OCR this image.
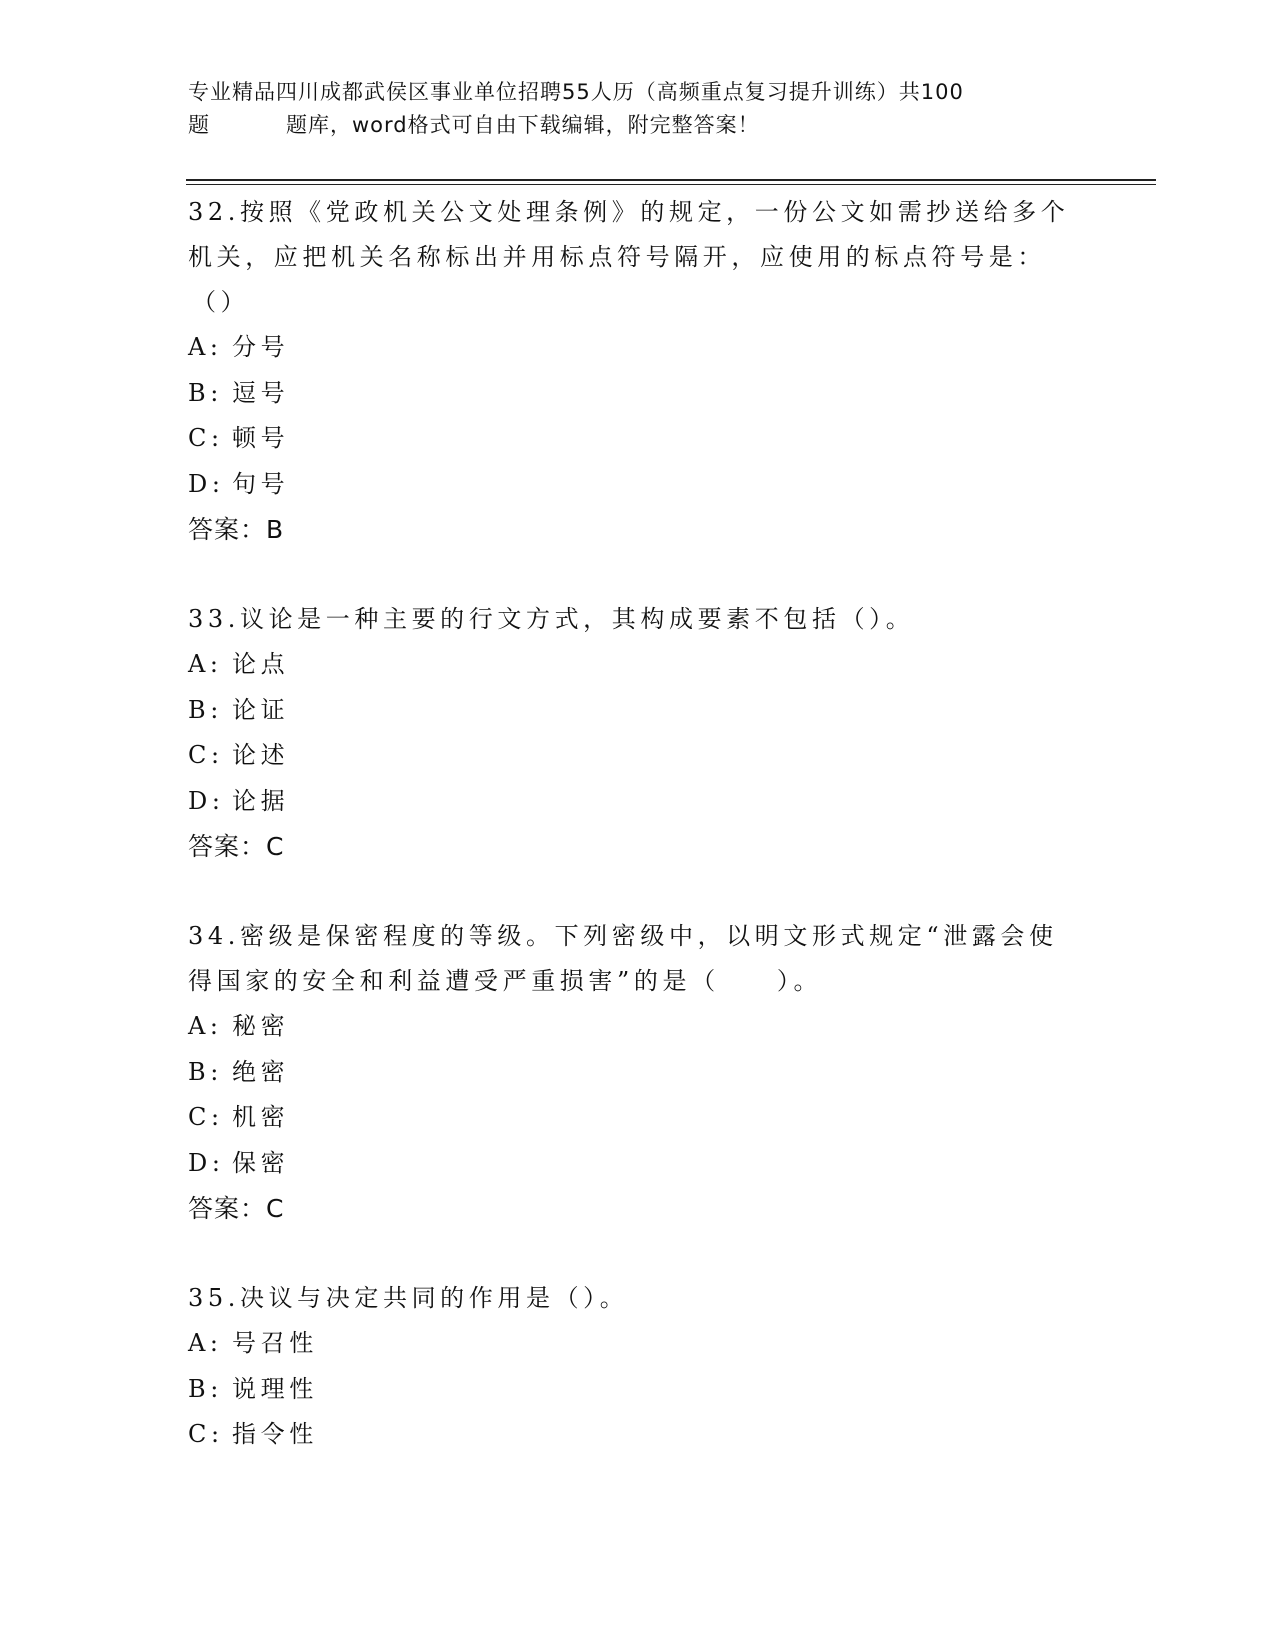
专业精品四川成都武侯区事业单位招聘55人历（高频重点复习提升训练）共100
题	题库，word格式可自由下载编辑，附完整答案！

32.按照《党政机关公文处理条例》的规定，一份公文如需抄送给多个
机关，应把机关名称标出并用标点符号隔开，应使用的标点符号是：
（）

A: 分号

B: 逗号

C: 顿号

D: 句号

答案：B

33.议论是一种主要的行文方式，其构成要素不包括（）。

A: 论点

B: 论证

C: 论述

D: 论据

答案：C

34.密级是保密程度的等级。下列密级中，以明文形式规定“泄露会使
得国家的安全和利益遭受严重损害”的是（　　）。

A: 秘密

B: 绝密

C: 机密

D: 保密

答案：C

35.决议与决定共同的作用是（）。

A: 号召性

B: 说理性

C: 指令性
